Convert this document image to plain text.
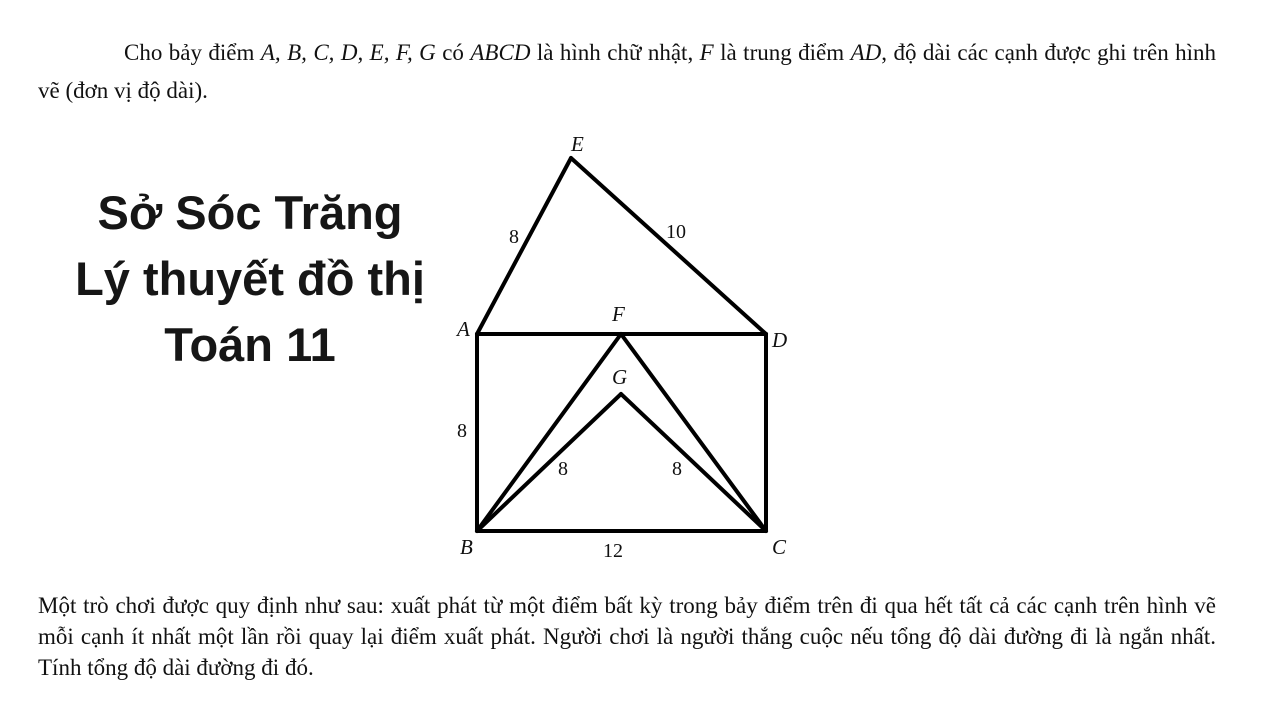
Cho bảy điểm A, B, C, D, E, F, G có ABCD là hình chữ nhật, F là trung điểm AD, độ dài các cạnh được ghi trên hình vẽ (đơn vị độ dài).

Sở Sóc Trăng
Lý thuyết đồ thị
Toán 11
E
A
F
D
G
B	C
8	10
8
8	8
12

Một trò chơi được quy định như sau: xuất phát từ một điểm bất kỳ trong bảy điểm trên đi qua hết tất cả các cạnh trên hình vẽ mỗi cạnh ít nhất một lần rồi quay lại điểm xuất phát. Người chơi là người thắng cuộc nếu tổng độ dài đường đi là ngắn nhất. Tính tổng độ dài đường đi đó.
